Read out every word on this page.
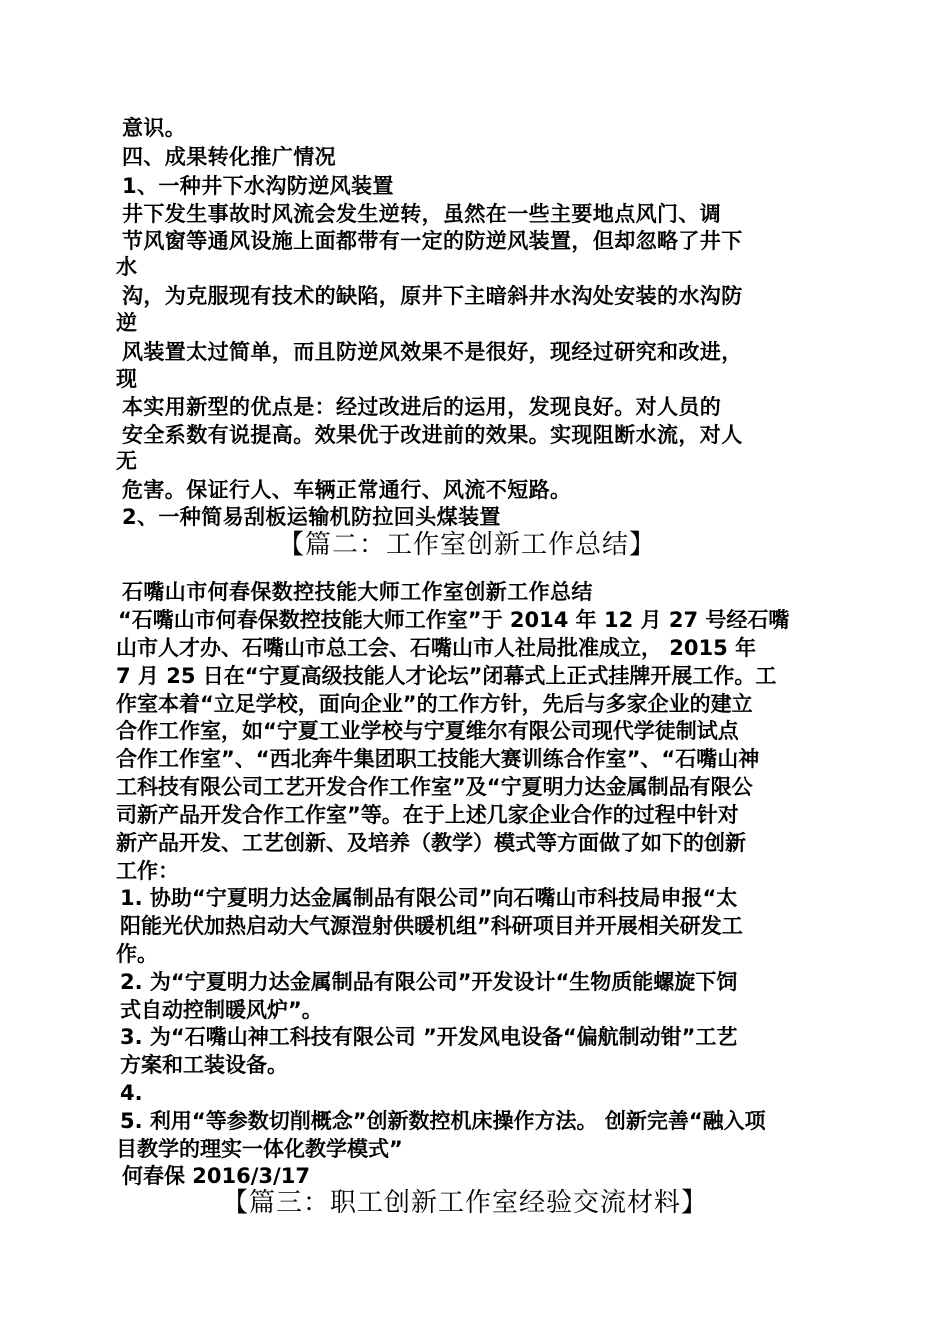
意识。
四、成果转化推广情况
1、一种井下水沟防逆风装置
井下发生事故时风流会发生逆转，虽然在一些主要地点风门、调
节风窗等通风设施上面都带有一定的防逆风装置，但却忽略了井下
水
沟，为克服现有技术的缺陷，原井下主暗斜井水沟处安装的水沟防
逆
风装置太过简单，而且防逆风效果不是很好，现经过研究和改进，
现
本实用新型的优点是：经过改进后的运用，发现良好。对人员的
安全系数有说提高。效果优于改进前的效果。实现阻断水流，对人
无
危害。保证行人、车辆正常通行、风流不短路。
2、一种简易刮板运输机防拉回头煤装置
【篇二：工作室创新工作总结】
石嘴山市何春保数控技能大师工作室创新工作总结
“石嘴山市何春保数控技能大师工作室”于 2014 年 12 月 27 号经石嘴
山市人才办、石嘴山市总工会、石嘴山市人社局批准成立， 2015 年
7 月 25 日在“宁夏高级技能人才论坛”闭幕式上正式挂牌开展工作。工
作室本着“立足学校，面向企业”的工作方针，先后与多家企业的建立
合作工作室，如“宁夏工业学校与宁夏维尔有限公司现代学徒制试点
合作工作室”、“西北奔牛集团职工技能大赛训练合作室”、“石嘴山神
工科技有限公司工艺开发合作工作室”及“宁夏明力达金属制品有限公
司新产品开发合作工作室”等。在于上述几家企业合作的过程中针对
新产品开发、工艺创新、及培养（教学）模式等方面做了如下的创新
工作：
1. 协助“宁夏明力达金属制品有限公司”向石嘴山市科技局申报“太
阳能光伏加热启动大气源溰射供暖机组”科研项目并开展相关研发工
作。
2. 为“宁夏明力达金属制品有限公司”开发设计“生物质能螺旋下饲
式自动控制暖风炉”。
3. 为“石嘴山神工科技有限公司 ”开发风电设备“偏航制动钳”工艺
方案和工装设备。
4.
5. 利用“等参数切削概念”创新数控机床操作方法。 创新完善“融入项
目教学的理实一体化教学模式”
何春保 2016/3/17
【篇三：职工创新工作室经验交流材料】
